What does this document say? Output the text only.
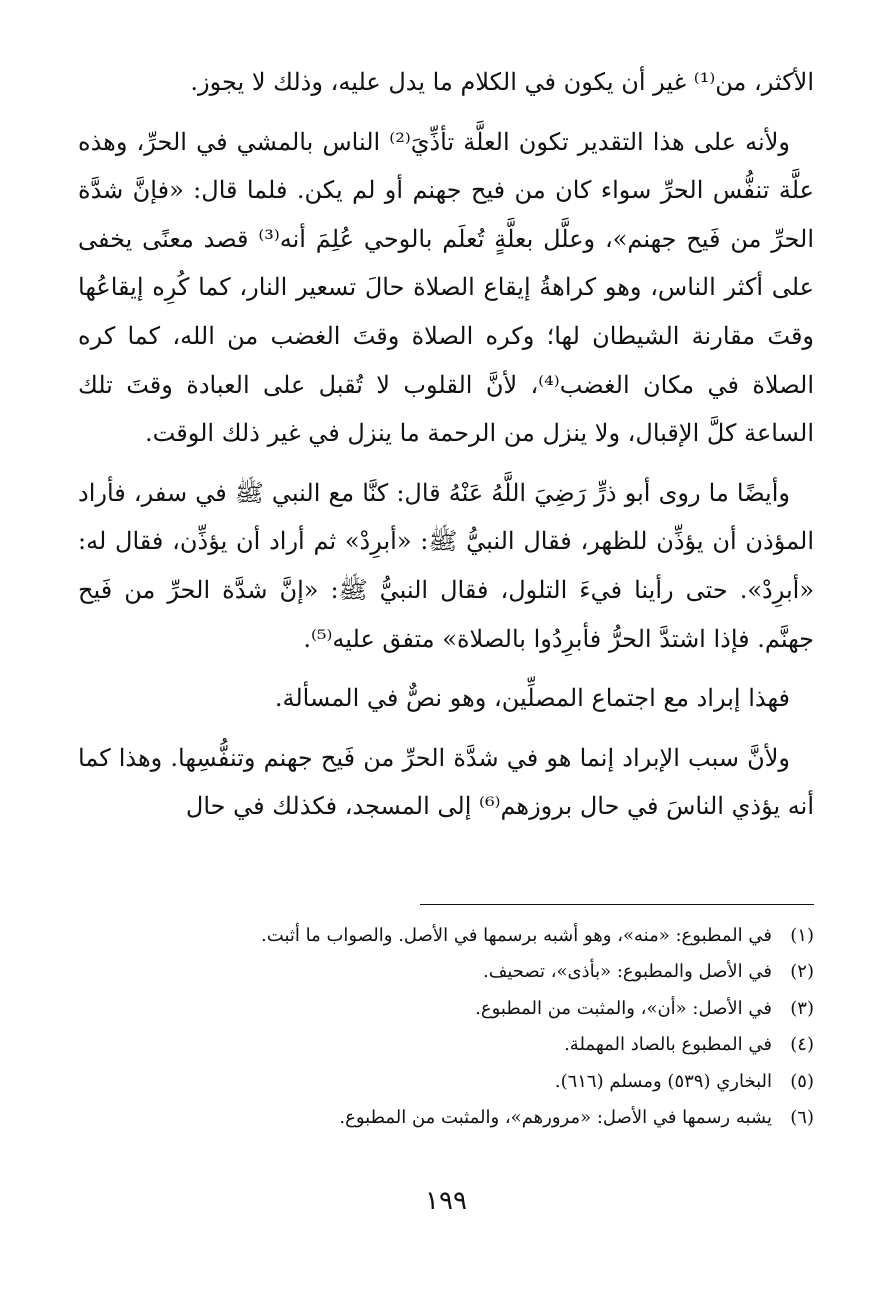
الأكثر، من⁽¹⁾ غير أن يكون في الكلام ما يدل عليه، وذلك لا يجوز.

ولأنه على هذا التقدير تكون العلَّة تأذِّيَ⁽²⁾ الناس بالمشي في الحرِّ، وهذه علَّة تنفُّس الحرِّ سواء كان من فيح جهنم أو لم يكن. فلما قال: «فإنَّ شدَّة الحرِّ من فَيح جهنم»، وعلَّل بعلَّةٍ تُعلَم بالوحي عُلِمَ أنه⁽³⁾ قصد معنًى يخفى على أكثر الناس، وهو كراهةُ إيقاع الصلاة حالَ تسعير النار، كما كُرِه إيقاعُها وقتَ مقارنة الشيطان لها؛ وكره الصلاة وقتَ الغضب من الله، كما كره الصلاة في مكان الغضب⁽⁴⁾، لأنَّ القلوب لا تُقبل على العبادة وقتَ تلك الساعة كلَّ الإقبال، ولا ينزل من الرحمة ما ينزل في غير ذلك الوقت.

وأيضًا ما روى أبو ذرٍّ رَضِيَ اللَّهُ عَنْهُ قال: كنَّا مع النبي ﷺ في سفر، فأراد المؤذن أن يؤذِّن للظهر، فقال النبيُّ ﷺ: «أبرِدْ» ثم أراد أن يؤذِّن، فقال له: «أبرِدْ». حتى رأينا فيءَ التلول، فقال النبيُّ ﷺ: «إنَّ شدَّة الحرِّ من فَيح جهنَّم. فإذا اشتدَّ الحرُّ فأبرِدُوا بالصلاة» متفق عليه⁽⁵⁾.

فهذا إبراد مع اجتماع المصلِّين، وهو نصٌّ في المسألة.

ولأنَّ سبب الإبراد إنما هو في شدَّة الحرِّ من فَيح جهنم وتنفُّسِها. وهذا كما أنه يؤذي الناسَ في حال بروزهم⁽⁶⁾ إلى المسجد، فكذلك في حال

(١)في المطبوع: «منه»، وهو أشبه برسمها في الأصل. والصواب ما أثبت.
(٢)في الأصل والمطبوع: «بأذى»، تصحيف.
(٣)في الأصل: «أن»، والمثبت من المطبوع.
(٤)في المطبوع بالصاد المهملة.
(٥)البخاري (٥٣٩) ومسلم (٦١٦).
(٦)يشبه رسمها في الأصل: «مرورهم»، والمثبت من المطبوع.
١٩٩
